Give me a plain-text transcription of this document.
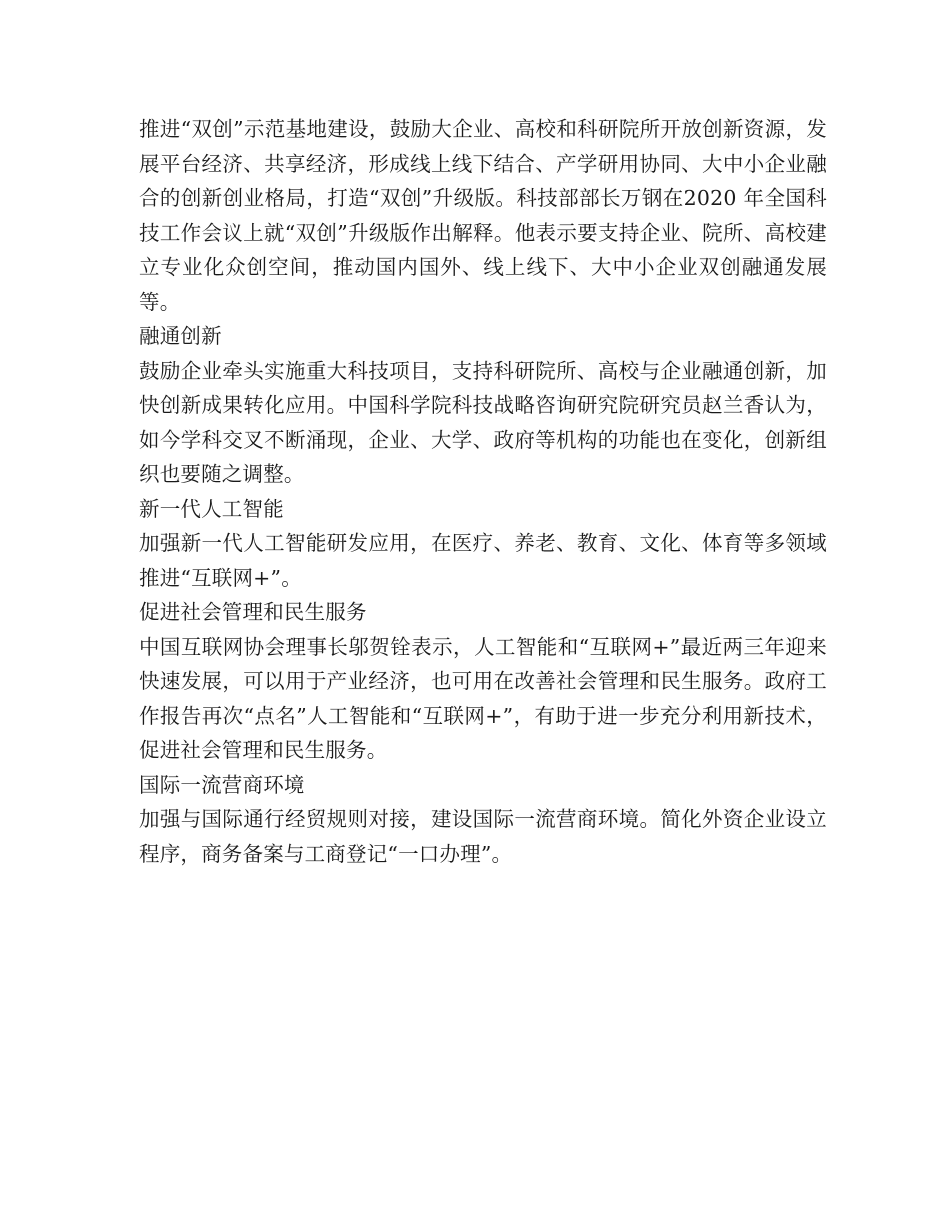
推进“双创”示范基地建设，鼓励大企业、高校和科研院所开放创新资源，发展平台经济、共享经济，形成线上线下结合、产学研用协同、大中小企业融合的创新创业格局，打造“双创”升级版。科技部部长万钢在2020 年全国科技工作会议上就“双创”升级版作出解释。他表示要支持企业、院所、高校建立专业化众创空间，推动国内国外、线上线下、大中小企业双创融通发展等。

融通创新

鼓励企业牵头实施重大科技项目，支持科研院所、高校与企业融通创新，加快创新成果转化应用。中国科学院科技战略咨询研究院研究员赵兰香认为，如今学科交叉不断涌现，企业、大学、政府等机构的功能也在变化，创新组织也要随之调整。

新一代人工智能

加强新一代人工智能研发应用，在医疗、养老、教育、文化、体育等多领域推进“互联网+”。

促进社会管理和民生服务

中国互联网协会理事长邬贺铨表示，人工智能和“互联网+”最近两三年迎来快速发展，可以用于产业经济，也可用在改善社会管理和民生服务。政府工作报告再次“点名”人工智能和“互联网+”，有助于进一步充分利用新技术， 促进社会管理和民生服务。

国际一流营商环境

加强与国际通行经贸规则对接，建设国际一流营商环境。简化外资企业设立程序，商务备案与工商登记“一口办理”。
